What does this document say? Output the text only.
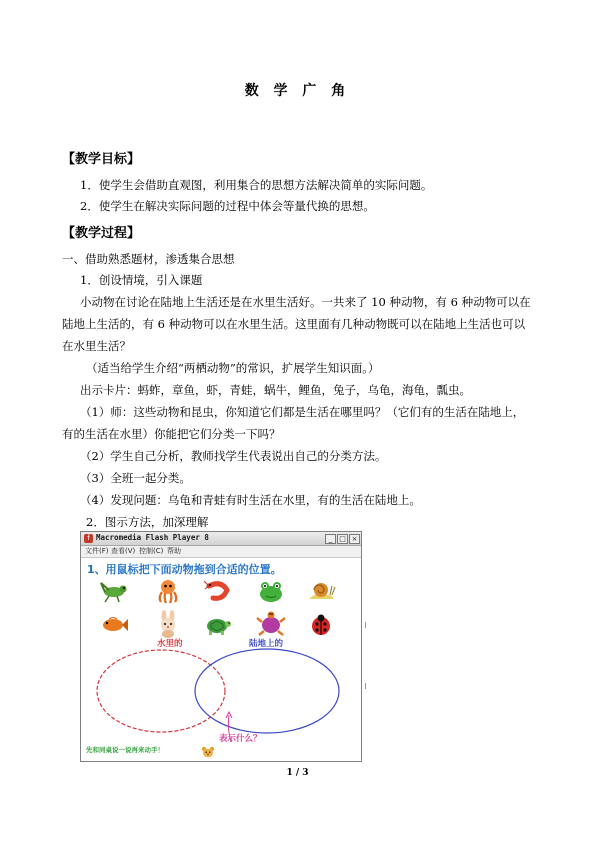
数 学 广 角
【教学目标】
1．使学生会借助直观图，利用集合的思想方法解决简单的实际问题。
2．使学生在解决实际问题的过程中体会等量代换的思想。
【教学过程】
一、借助熟悉题材，渗透集合思想
1．创设情境，引入课题
小动物在讨论在陆地上生活还是在水里生活好。一共来了 10 种动物，有 6 种动物可以在
陆地上生活的，有 6 种动物可以在水里生活。这里面有几种动物既可以在陆地上生活也可以
在水里生活？
（适当给学生介绍“两栖动物”的常识，扩展学生知识面。）
出示卡片：蚂蚱，章鱼，虾，青蛙，蜗牛，鲤鱼，兔子，乌龟，海龟，瓢虫。
（1）师：这些动物和昆虫，你知道它们都是生活在哪里吗？（它们有的生活在陆地上，
有的生活在水里）你能把它们分类一下吗？
（2）学生自己分析，教师找学生代表说出自己的分类方法。
（3）全班一起分类。
（4）发现问题：乌龟和青蛙有时生活在水里，有的生活在陆地上。
2．图示方法，加深理解
f Macromedia Flash Player 8	_ □ ×
文件(F) 查看(V) 控制(C) 帮助
1、用鼠标把下面动物拖到合适的位置。
水里的	陆地上的
表示什么？
先和同桌说一说再来动手！
1 / 3
